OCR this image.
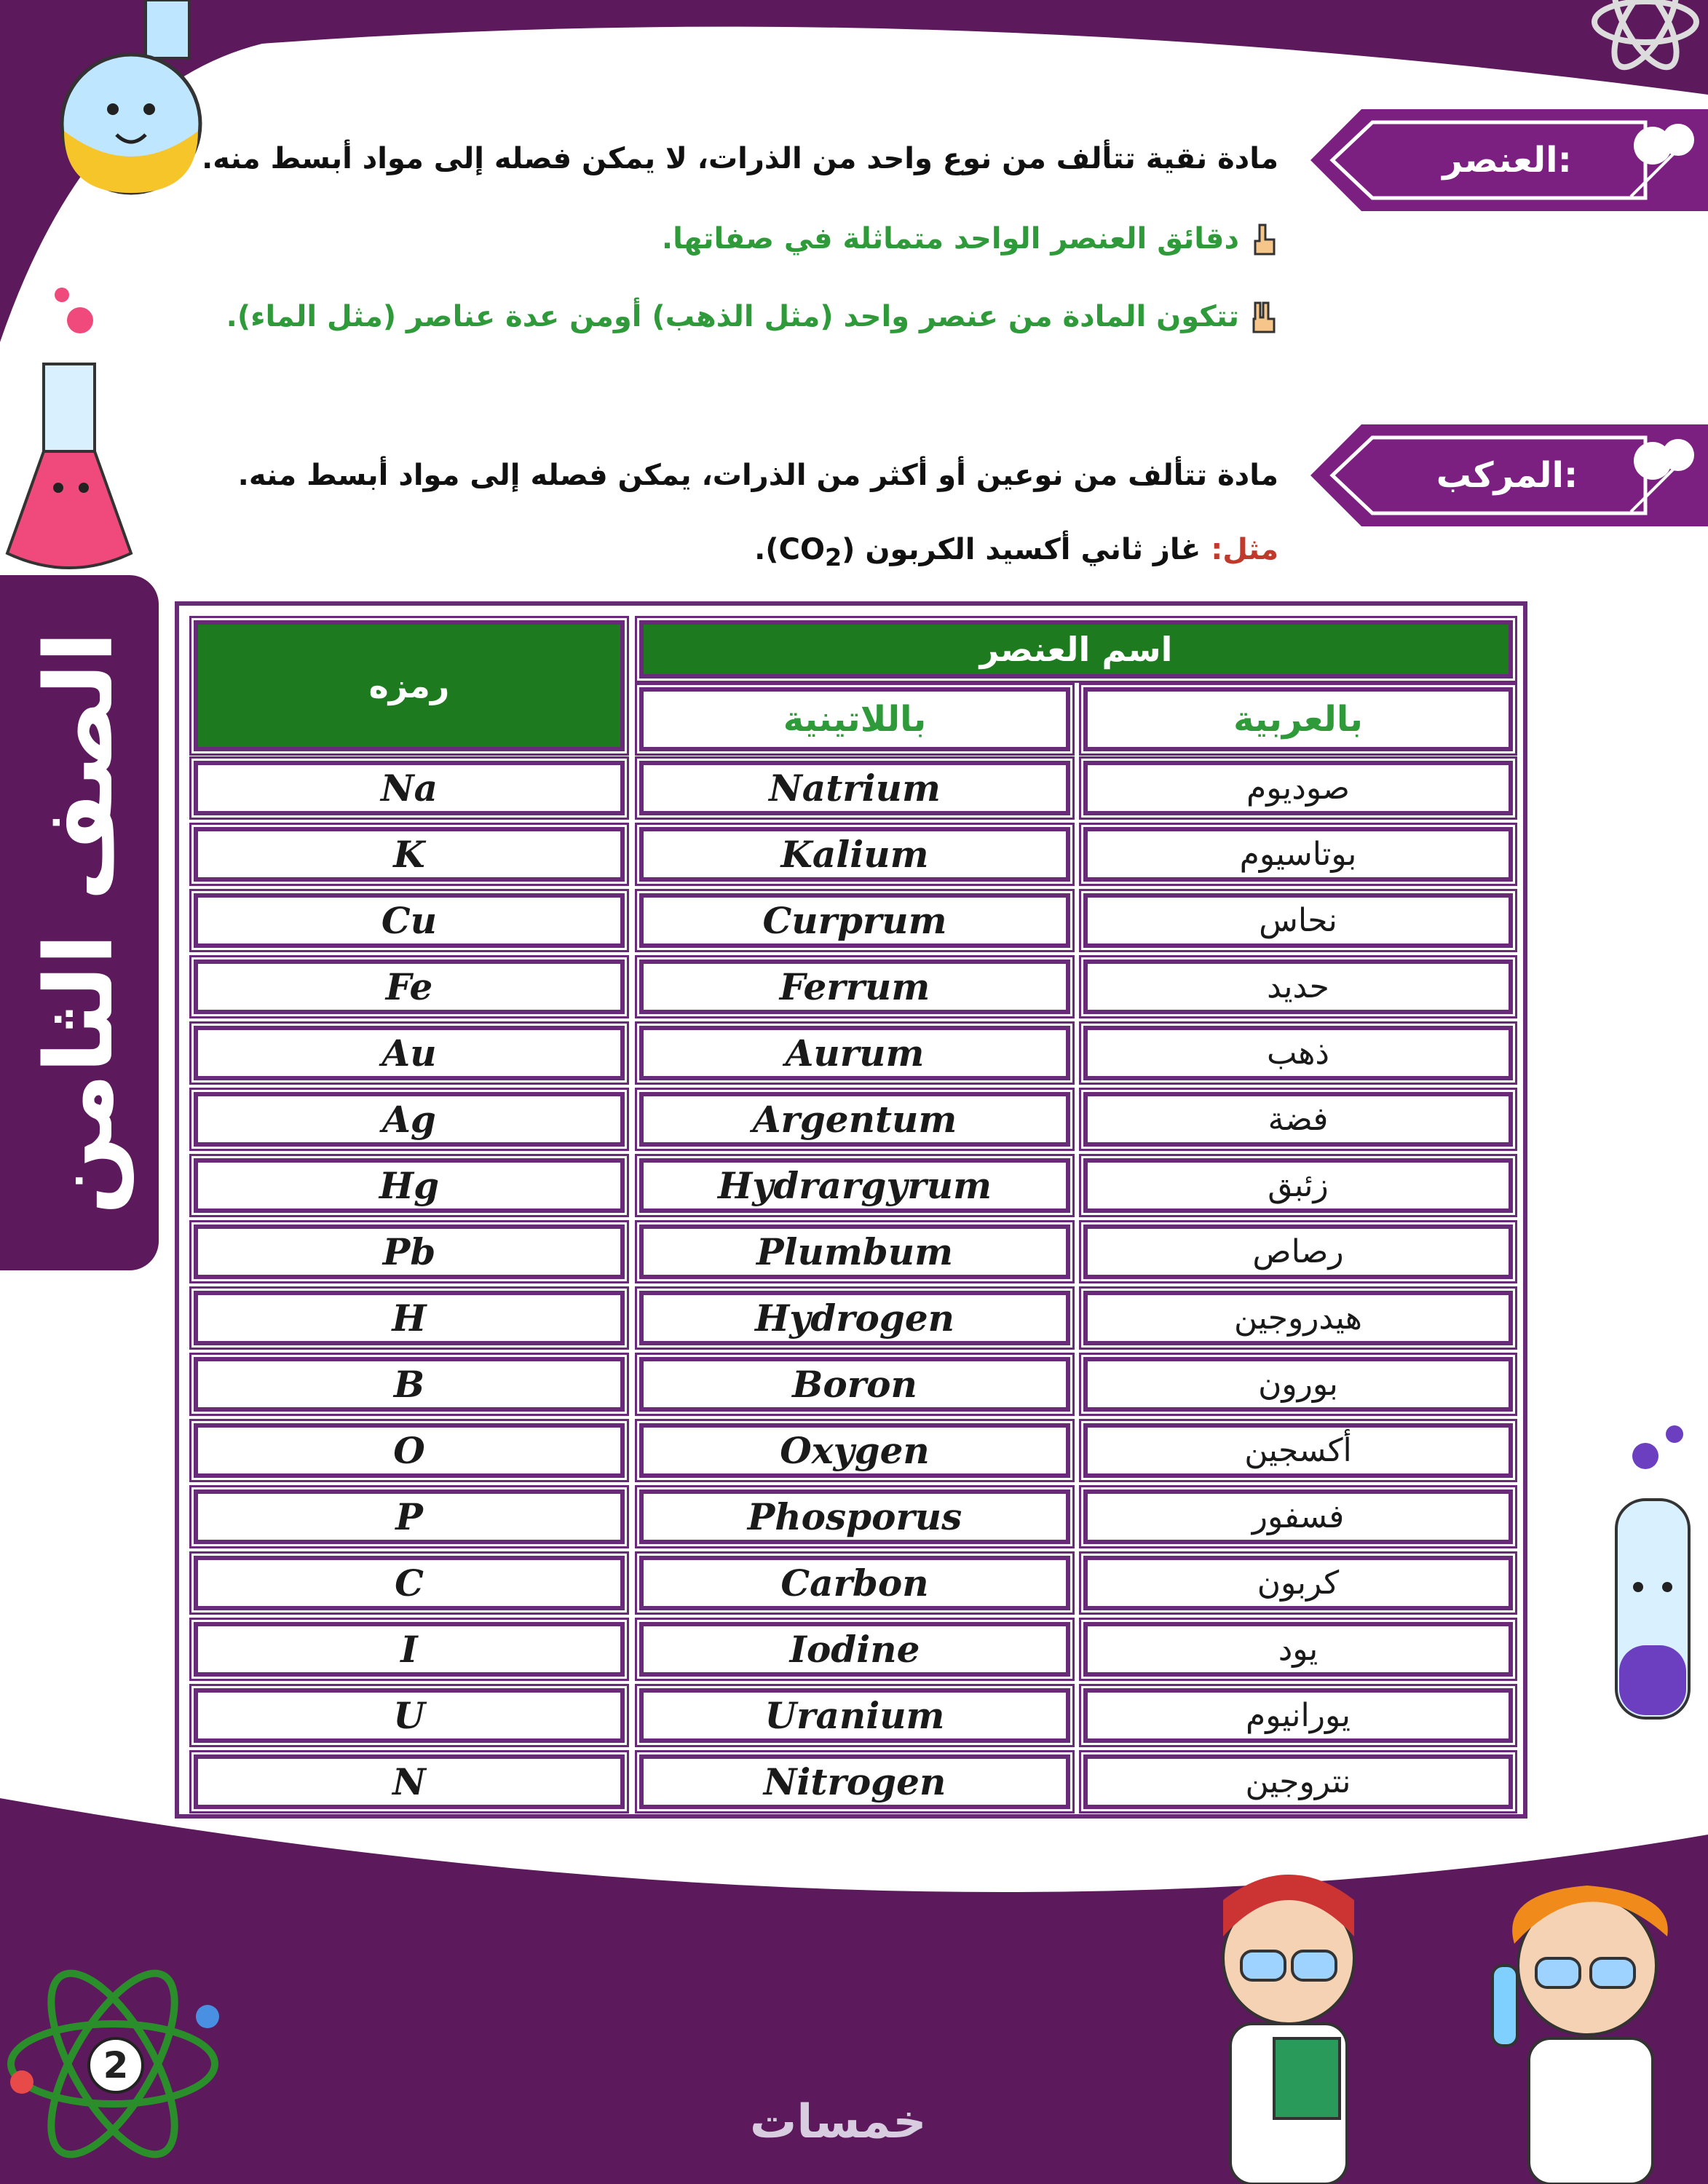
الصف الثامن
العنصر:
مادة نقية تتألف من نوع واحد من الذرات، لا يمكن فصله إلى مواد أبسط منه.
دقائق العنصر الواحد متماثلة في صفاتها.
تتكون المادة من عنصر واحد (مثل الذهب) أومن عدة عناصر (مثل الماء).
المركب:
مادة تتألف من نوعين أو أكثر من الذرات، يمكن فصله إلى مواد أبسط منه.
مثل: غاز ثاني أكسيد الكربون $(CO_2)$.
رمزه
اسم العنصر
باللاتينية	بالعربية
Na	Natrium	صوديوم
K	Kalium	بوتاسيوم
Cu	Curprum	نحاس
Fe	Ferrum	حديد
Au	Aurum	ذهب
Ag	Argentum	فضة
Hg	Hydrargyrum	زئبق
Pb	Plumbum	رصاص
H	Hydrogen	هيدروجين
B	Boron	بورون
O	Oxygen	أكسجين
P	Phosporus	فسفور
C	Carbon	كربون
I	Iodine	يود
U	Uranium	يورانيوم
N	Nitrogen	نتروجين
2
خمسات
